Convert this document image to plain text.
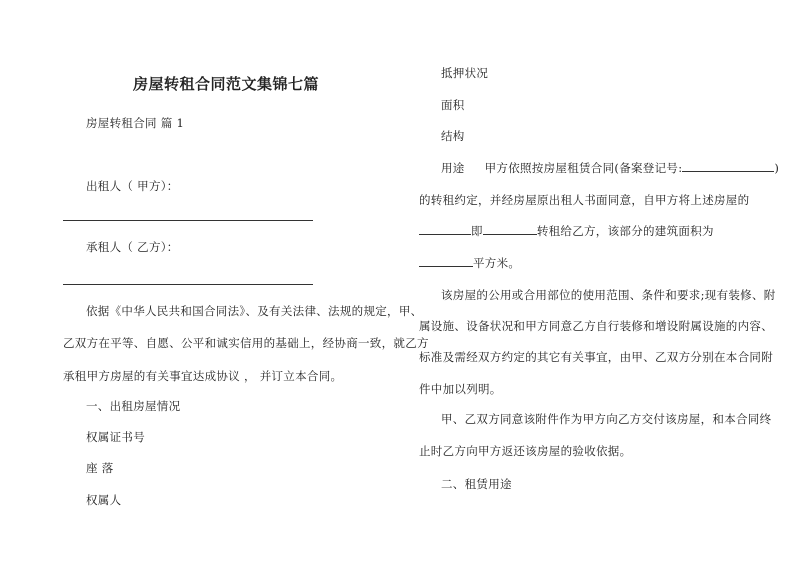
房屋转租合同范文集锦七篇
房屋转租合同 篇 1
出租人（ 甲方）：
承租人（ 乙方）：
依据《中华人民共和国合同法》、及有关法律、法规的规定，甲、
乙双方在平等、自愿、公平和诚实信用的基础上，经协商一致，就乙方
承租甲方房屋的有关事宜达成协议 ， 并订立本合同。
一、出租房屋情况
权属证书号
座 落
权属人
抵押状况
面积
结构
用途 甲方依照按房屋租赁合同(备案登记号:	)
的转租约定，并经房屋原出租人书面同意，自甲方将上述房屋的
即	转租给乙方，该部分的建筑面积为
平方米。
该房屋的公用或合用部位的使用范围、条件和要求;现有装修、附
属设施、设备状况和甲方同意乙方自行装修和增设附属设施的内容、
标准及需经双方约定的其它有关事宜，由甲、乙双方分别在本合同附
件中加以列明。
甲、乙双方同意该附件作为甲方向乙方交付该房屋，和本合同终
止时乙方向甲方返还该房屋的验收依据。
二、租赁用途
